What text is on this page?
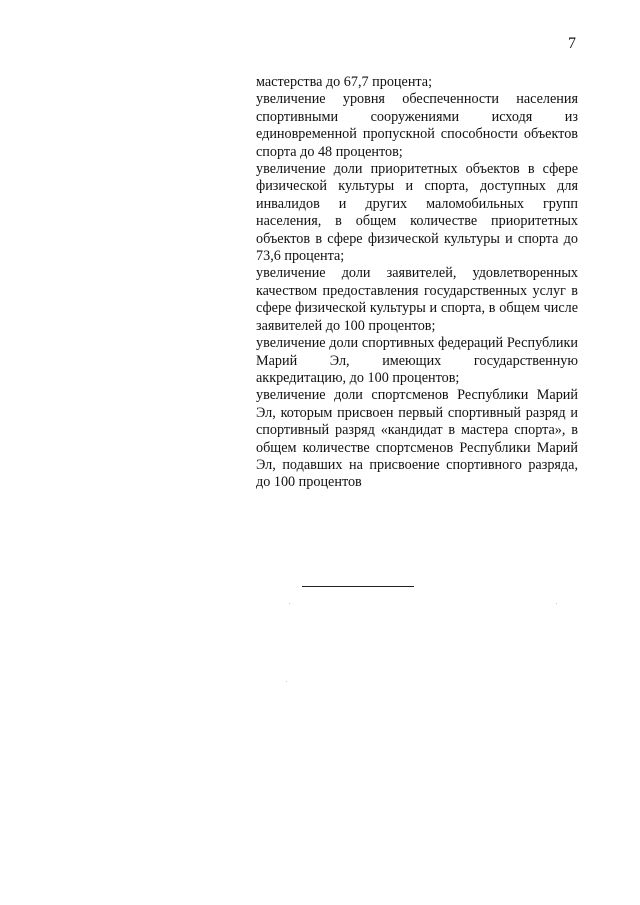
7

мастерства до 67,7 процента;

увеличение уровня обеспеченности населения спортивными сооружениями исходя из единовременной пропускной способности объектов спорта до 48 процентов;

увеличение доли приоритетных объектов в сфере физической культуры и спорта, доступных для инвалидов и других маломобильных групп населения, в общем количестве приоритетных объектов в сфере физической культуры и спорта до 73,6 процента;

увеличение доли заявителей, удовлетворенных качеством предоставления государственных услуг в сфере физической культуры и спорта, в общем числе заявителей до 100 процентов;

увеличение доли спортивных федераций Республики Марий Эл, имеющих государственную аккредитацию, до 100 процентов;

увеличение доли спортсменов Республики Марий Эл, которым присвоен первый спортивный разряд и спортивный разряд «кандидат в мастера спорта», в общем количестве спортсменов Республики Марий Эл, подавших на присвоение спортивного разряда, до 100 процентов
